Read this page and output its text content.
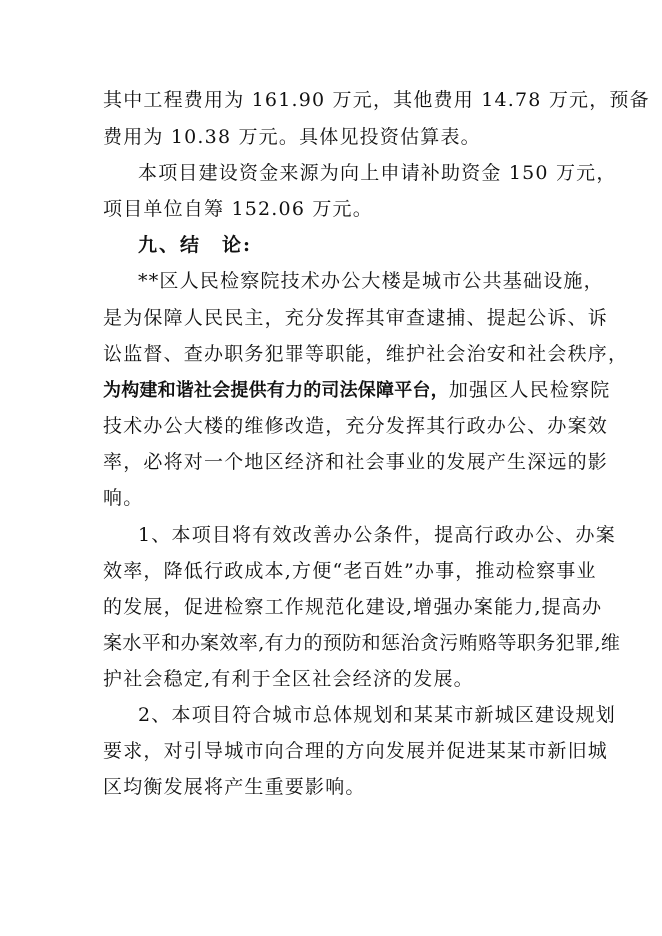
其中工程费用为 161.90 万元，其他费用 14.78 万元，预备
费用为 10.38 万元。具体见投资估算表。
本项目建设资金来源为向上申请补助资金 150 万元，
项目单位自筹 152.06 万元。
九、结　论:
**区人民检察院技术办公大楼是城市公共基础设施，
是为保障人民民主，充分发挥其审查逮捕、提起公诉、诉
讼监督、查办职务犯罪等职能，维护社会治安和社会秩序，
为构建和谐社会提供有力的司法保障平台，加强区人民检察院
技术办公大楼的维修改造，充分发挥其行政办公、办案效
率，必将对一个地区经济和社会事业的发展产生深远的影
响。
1、本项目将有效改善办公条件，提高行政办公、办案
效率，降低行政成本,方便“老百姓”办事，推动检察事业
的发展，促进检察工作规范化建设,增强办案能力,提高办
案水平和办案效率,有力的预防和惩治贪污贿赂等职务犯罪,维
护社会稳定,有利于全区社会经济的发展。
2、本项目符合城市总体规划和某某市新城区建设规划
要求，对引导城市向合理的方向发展并促进某某市新旧城
区均衡发展将产生重要影响。
